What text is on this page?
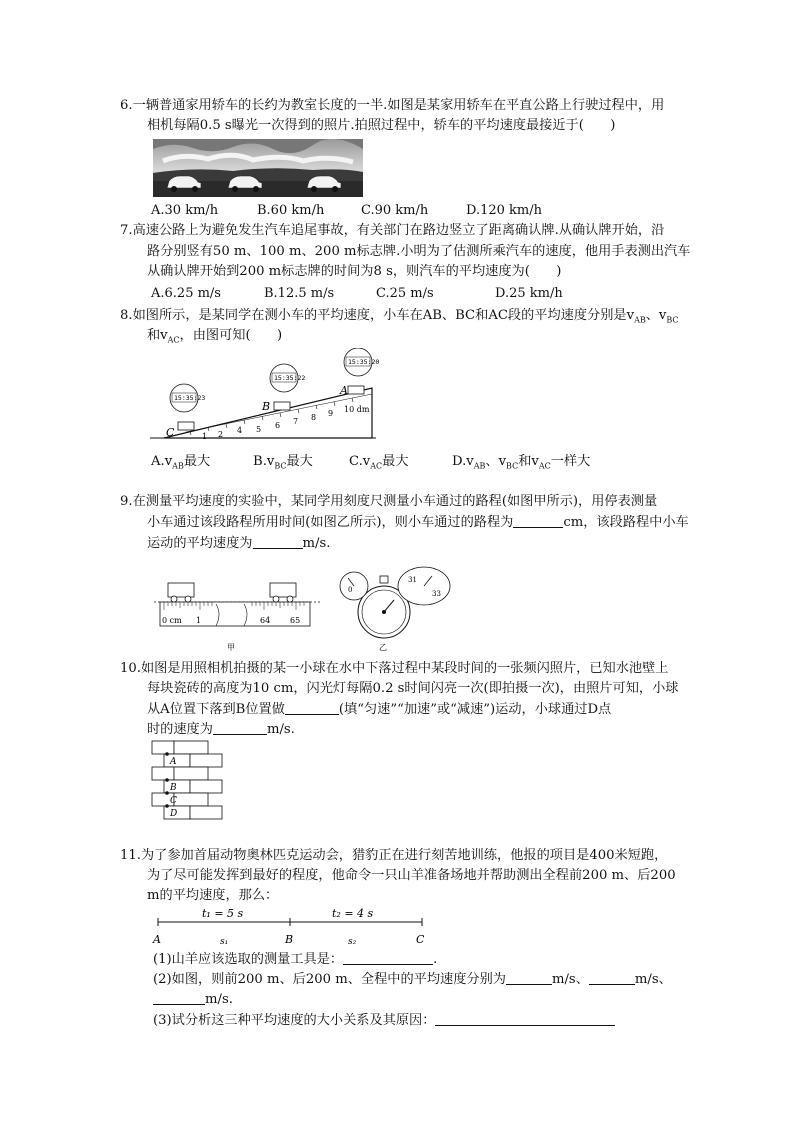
6.一辆普通家用轿车的长约为教室长度的一半.如图是某家用轿车在平直公路上行驶过程中，用
相机每隔0.5 s曝光一次得到的照片.拍照过程中，轿车的平均速度最接近于(　　)
A.30 km/h	B.60 km/h	C.90 km/h	D.120 km/h
7.高速公路上为避免发生汽车追尾事故，有关部门在路边竖立了距离确认牌.从确认牌开始，沿
路分别竖有50 m、100 m、200 m标志牌.小明为了估测所乘汽车的速度，他用手表测出汽车
从确认牌开始到200 m标志牌的时间为8 s，则汽车的平均速度为(　　)
A.6.25 m/s	B.12.5 m/s	C.25 m/s	D.25 km/h
8.如图所示，是某同学在测小车的平均速度，小车在AB、BC和AC段的平均速度分别是$v_{AB}$、$v_{BC}$
和$v_{AC}$，由图可知(　　)
1 2 4 5 6 7 8 9 10 dm
15:35:23
C
15:35:22
B
15:35:20
A
$A.v_{AB}$最大	$B.v_{BC}$最大	$C.v_{AC}$最大	$D.v_{AB}$、$v_{BC}$和$v_{AC}$一样大
9.在测量平均速度的实验中，某同学用刻度尺测量小车通过的路程(如图甲所示)，用停表测量
小车通过该段路程所用时间(如图乙所示)，则小车通过的路程为	cm，该段路程中小车
运动的平均速度为	m/s.
0 cm 1	64 65
甲
0
31
33
乙
10.如图是用照相机拍摄的某一小球在水中下落过程中某段时间的一张频闪照片，已知水池壁上
每块瓷砖的高度为10 cm，闪光灯每隔0.2 s时间闪亮一次(即拍摄一次)，由照片可知，小球
从A位置下落到B位置做	(填“匀速”“加速”或“减速”)运动，小球通过D点
时的速度为	m/s.
A
B
C
D
11.为了参加首届动物奥林匹克运动会，猎豹正在进行刻苦地训练，他报的项目是400米短跑，
为了尽可能发挥到最好的程度，他命令一只山羊准备场地并帮助测出全程前200 m、后200
m的平均速度，那么：
t₁ = 5 s	t₂ = 4 s
A	B	C
s₁	s₂
(1)山羊应该选取的测量工具是：	.
(2)如图，则前200 m、后200 m、全程中的平均速度分别为	m/s、	m/s、
m/s.
(3)试分析这三种平均速度的大小关系及其原因：
